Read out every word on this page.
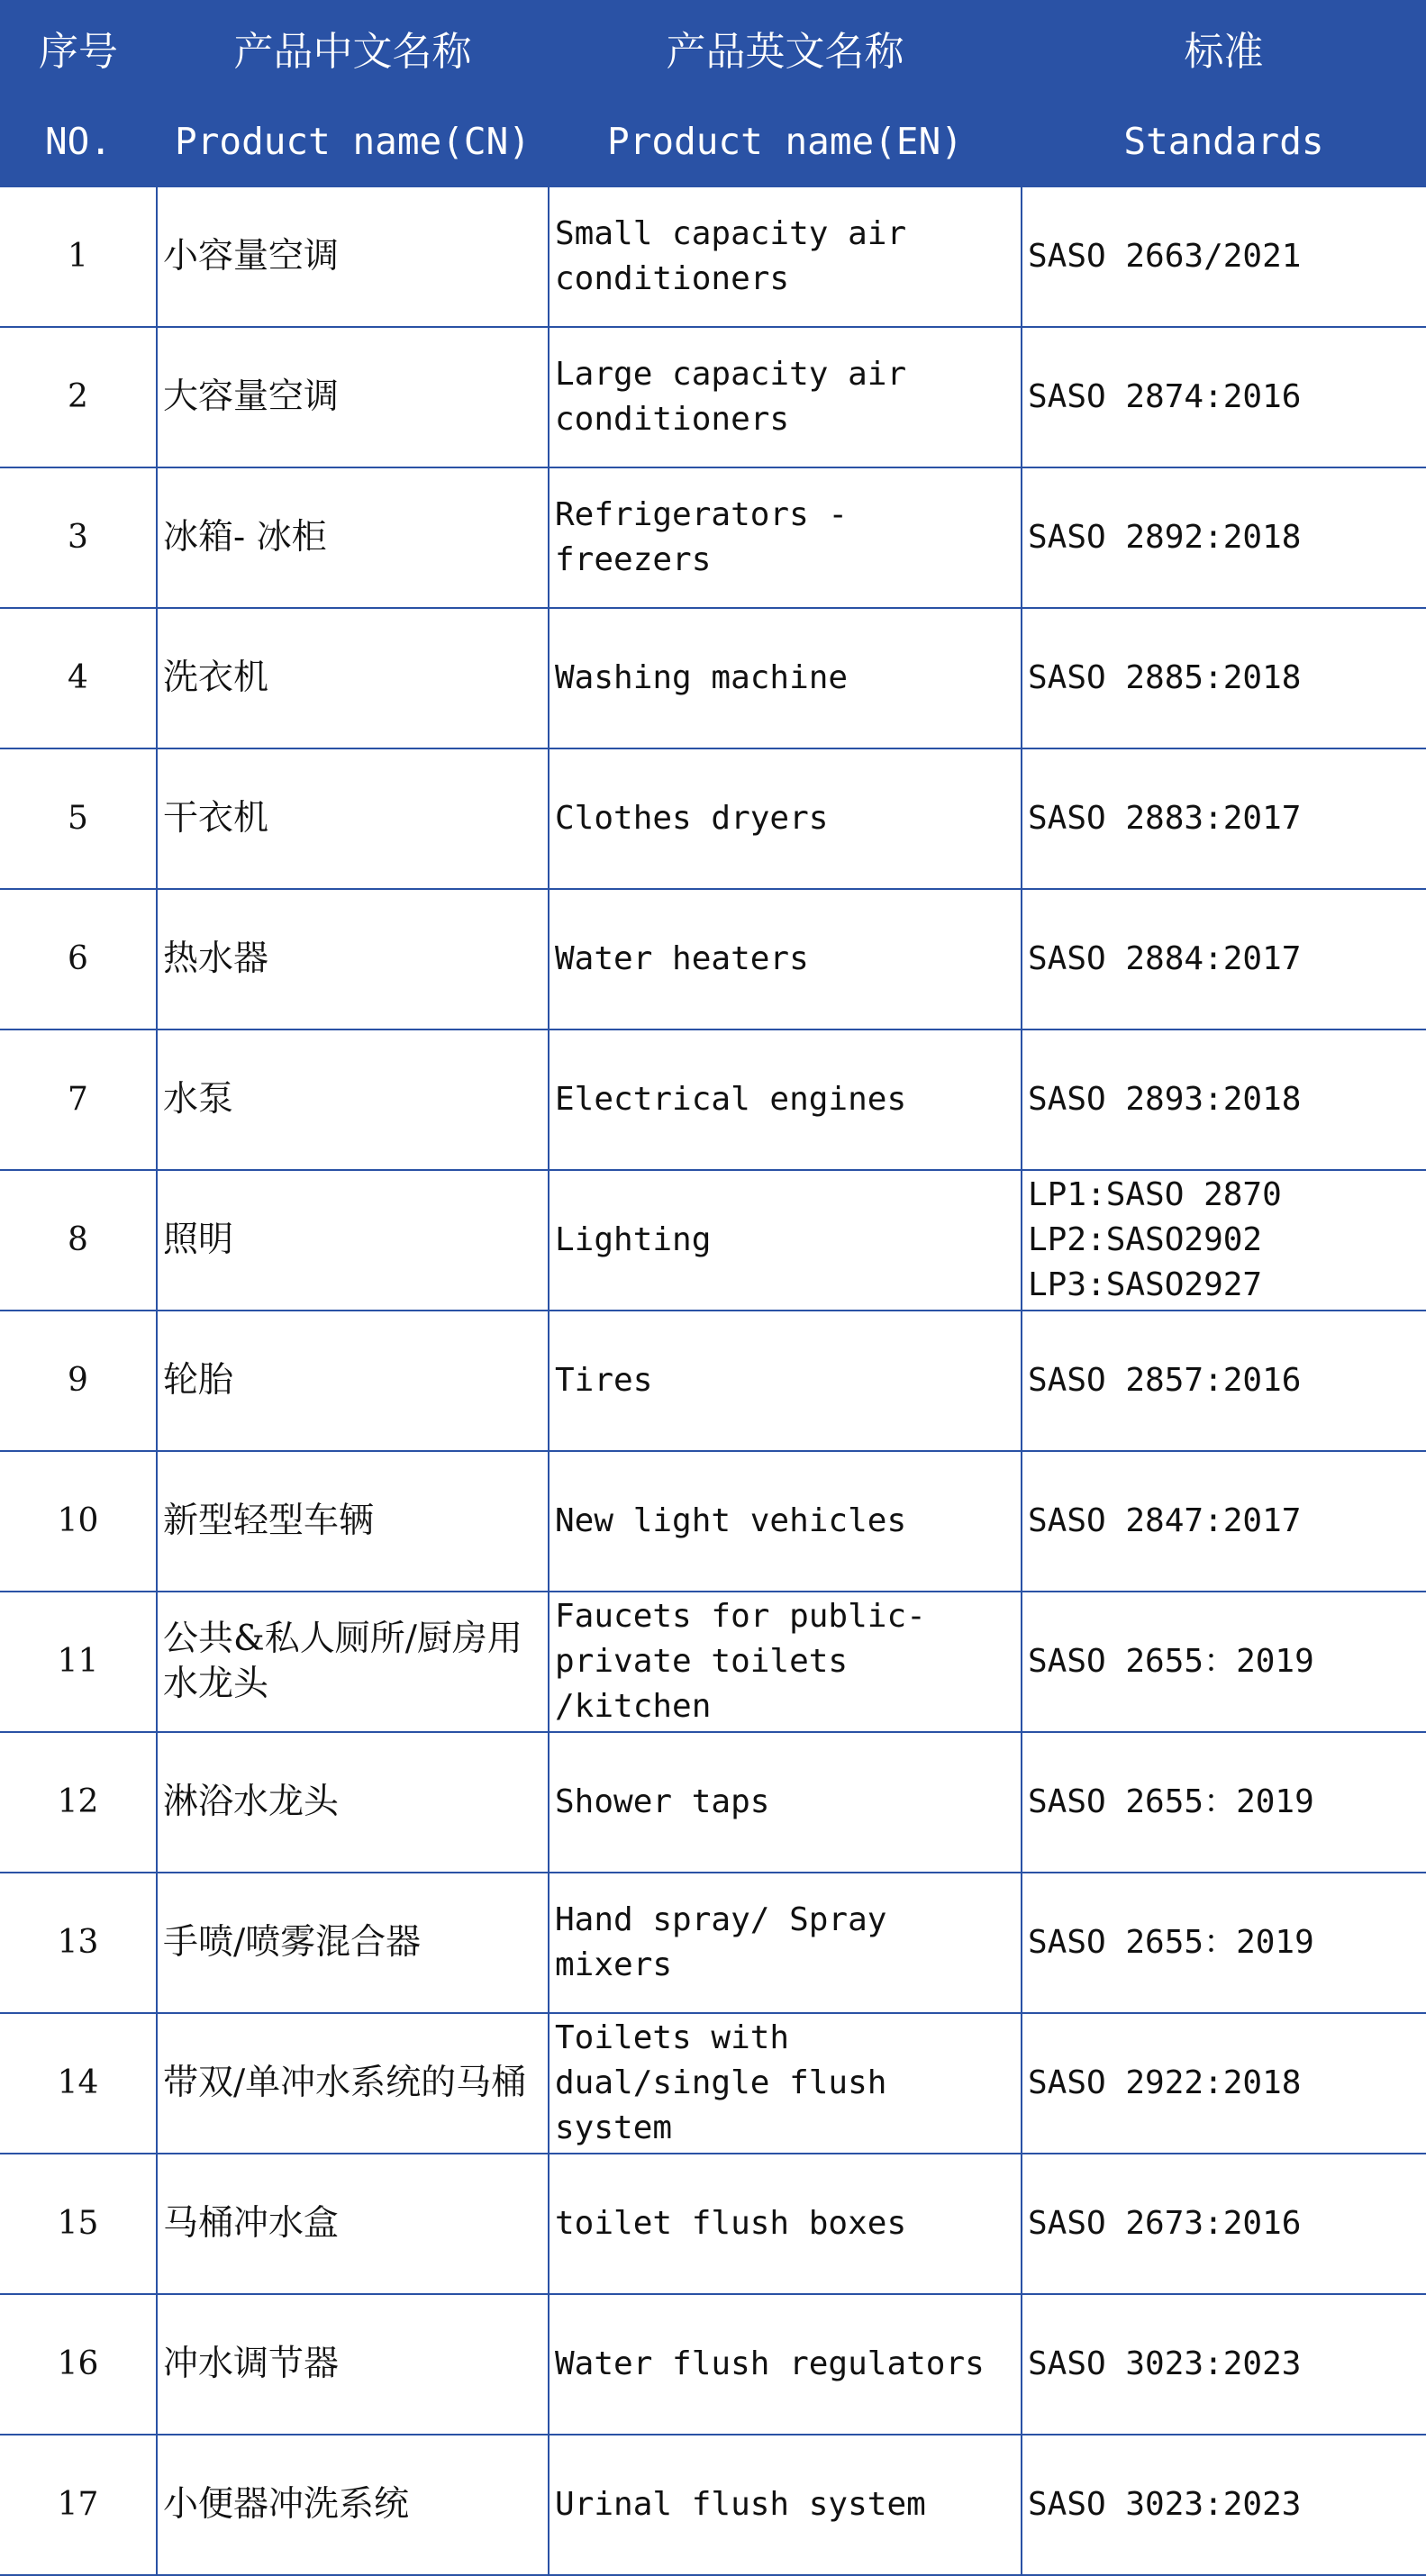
序号	产品中文名称	产品英文名称	标准
NO.	Product name(CN)	Product name(EN)	Standards
1	小容量空调	Small capacity air conditioners	SASO 2663/2021
2	大容量空调	Large capacity air conditioners	SASO 2874:2016
3	冰箱- 冰柜	Refrigerators - freezers	SASO 2892:2018
4	洗衣机	Washing machine	SASO 2885:2018
5	干衣机	Clothes dryers	SASO 2883:2017
6	热水器	Water heaters	SASO 2884:2017
7	水泵	Electrical engines	SASO 2893:2018
8	照明	Lighting	LP1:SASO 2870
LP2:SASO2902
LP3:SASO2927
9	轮胎	Tires	SASO 2857:2016
10	新型轻型车辆	New light vehicles	SASO 2847:2017
11	公共&私人厕所/厨房用水龙头	Faucets for public-private toilets /kitchen	SASO 2655：2019
12	淋浴水龙头	Shower taps	SASO 2655：2019
13	手喷/喷雾混合器	Hand spray/ Spray mixers	SASO 2655：2019
14	带双/单冲水系统的马桶	Toilets with dual/single flush system	SASO 2922:2018
15	马桶冲水盒	toilet flush boxes	SASO 2673:2016
16	冲水调节器	Water flush regulators	SASO 3023:2023
17	小便器冲洗系统	Urinal flush system	SASO 3023:2023
